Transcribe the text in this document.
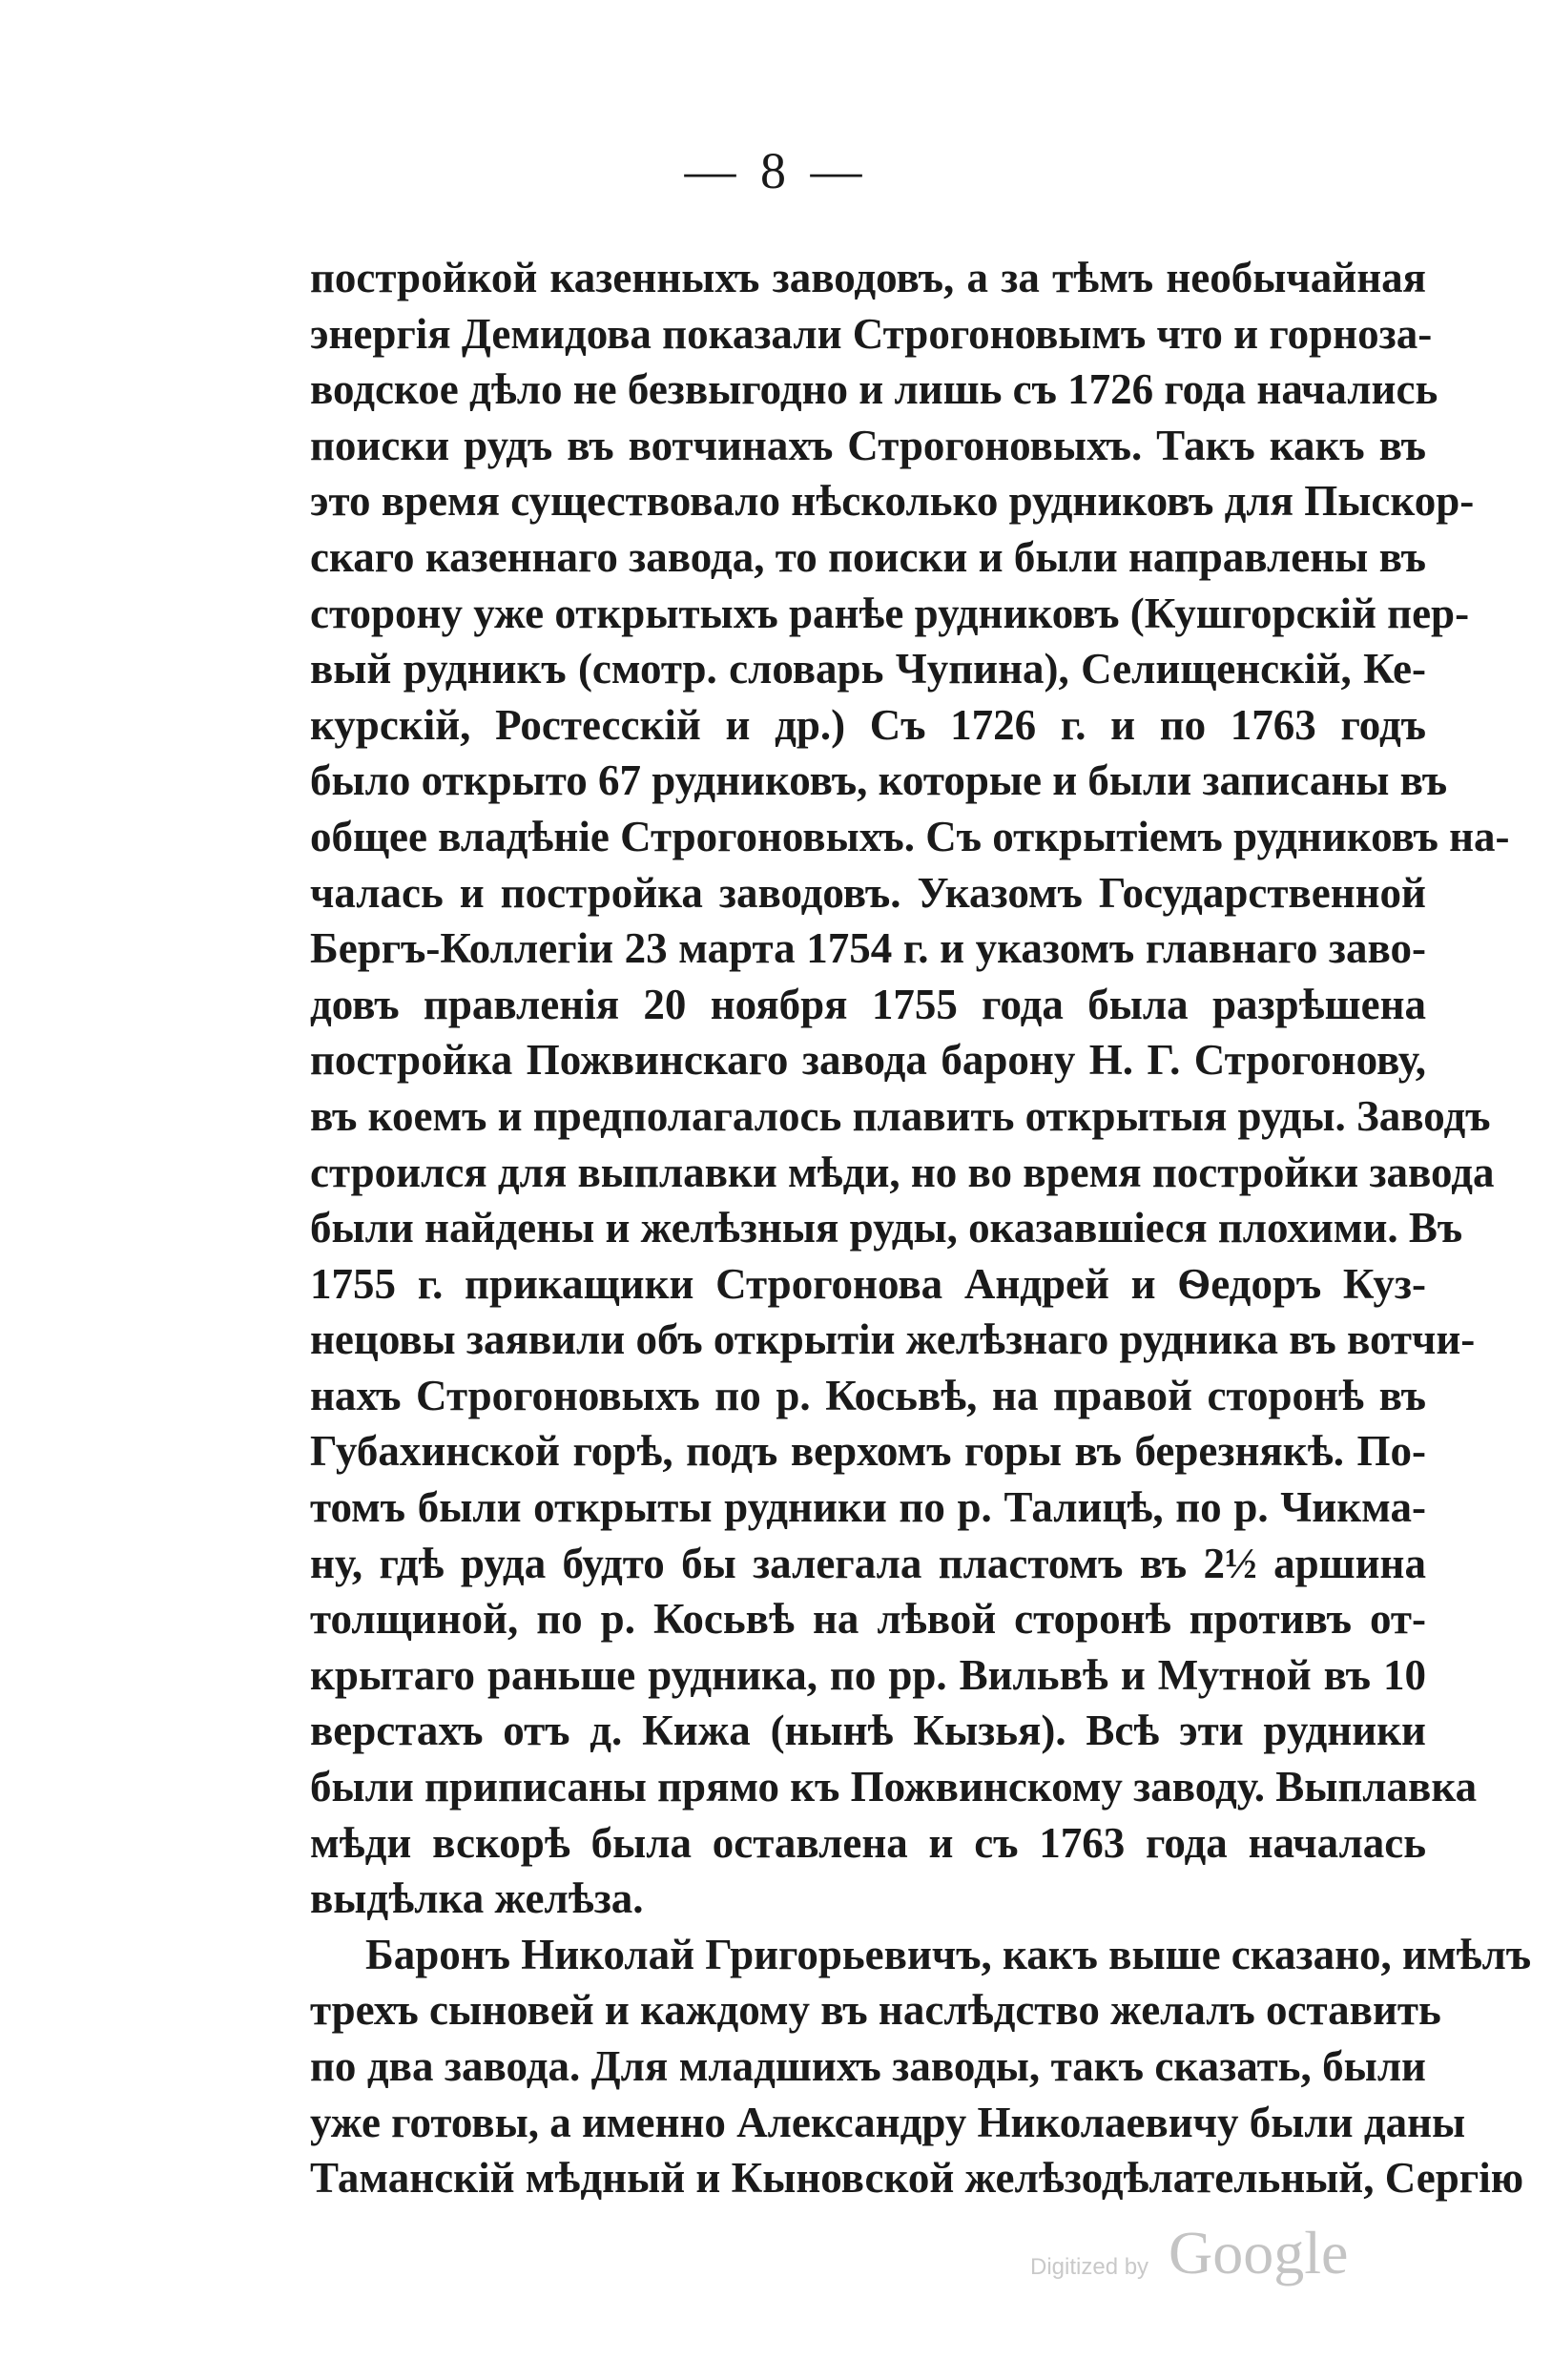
— 8 —
постройкой казенныхъ заводовъ, а за тѣмъ необычайная
энергія Демидова показали Строгоновымъ что и горноза-
водское дѣло не безвыгодно и лишь съ 1726 года начались
поиски рудъ въ вотчинахъ Строгоновыхъ. Такъ какъ въ
это время существовало нѣсколько рудниковъ для Пыскор-
скаго казеннаго завода, то поиски и были направлены въ
сторону уже открытыхъ ранѣе рудниковъ (Кушгорскій пер-
вый рудникъ (смотр. словарь Чупина), Селищенскій, Ке-
курскій, Ростесскій и др.) Съ 1726 г. и по 1763 годъ
было открыто 67 рудниковъ, которые и были записаны въ
общее владѣніе Строгоновыхъ. Съ открытіемъ рудниковъ на-
чалась и постройка заводовъ. Указомъ Государственной
Бергъ-Коллегіи 23 марта 1754 г. и указомъ главнаго заво-
довъ правленія 20 ноября 1755 года была разрѣшена
постройка Пожвинскаго завода барону Н. Г. Строгонову,
въ коемъ и предполагалось плавить открытыя руды. Заводъ
строился для выплавки мѣди, но во время постройки завода
были найдены и желѣзныя руды, оказавшіеся плохими. Въ
1755 г. прикащики Строгонова Андрей и Ѳедоръ Куз-
нецовы заявили объ открытіи желѣзнаго рудника въ вотчи-
нахъ Строгоновыхъ по р. Косьвѣ, на правой сторонѣ въ
Губахинской горѣ, подъ верхомъ горы въ березнякѣ. По-
томъ были открыты рудники по р. Талицѣ, по р. Чикма-
ну, гдѣ руда будто бы залегала пластомъ въ 2½ аршина
толщиной, по р. Косьвѣ на лѣвой сторонѣ противъ от-
крытаго раньше рудника, по рр. Вильвѣ и Мутной въ 10
верстахъ отъ д. Кижа (нынѣ Кызья). Всѣ эти рудники
были приписаны прямо къ Пожвинскому заводу. Выплавка
мѣди вскорѣ была оставлена и съ 1763 года началась
выдѣлка желѣза.
Баронъ Николай Григорьевичъ, какъ выше сказано, имѣлъ
трехъ сыновей и каждому въ наслѣдство желалъ оставить
по два завода. Для младшихъ заводы, такъ сказать, были
уже готовы, а именно Александру Николаевичу были даны
Таманскій мѣдный и Кыновской желѣзодѣлательный, Сергію
Digitized by Google
